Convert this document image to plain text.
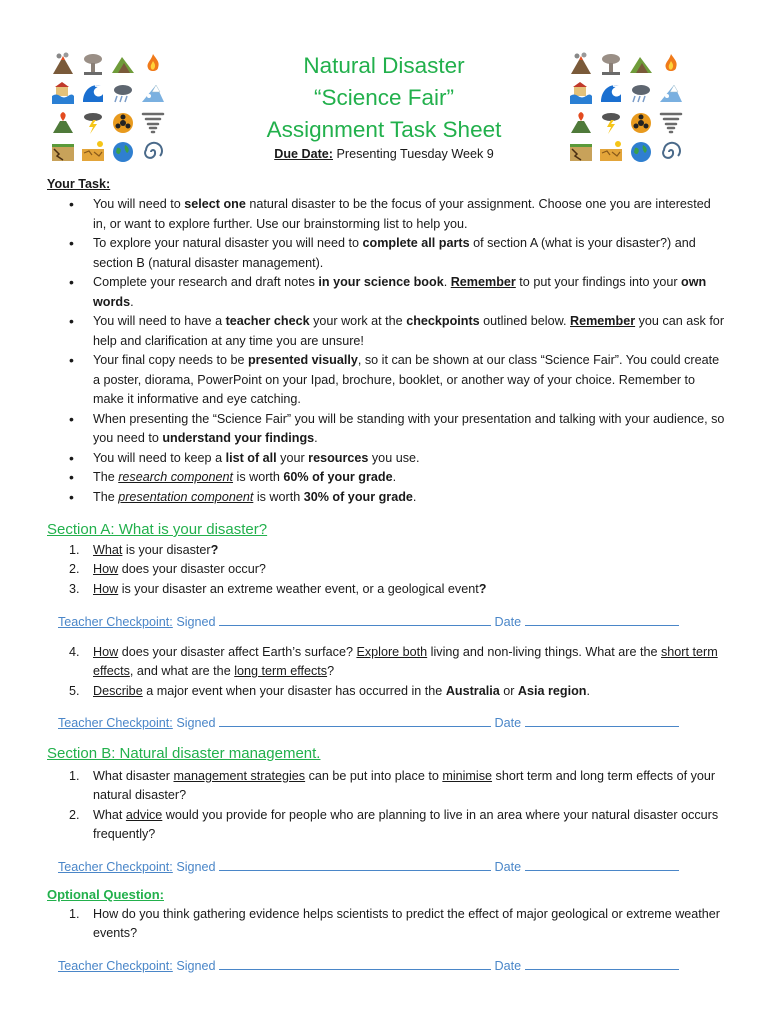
Natural Disaster
“Science Fair”
Assignment Task Sheet
Due Date: Presenting Tuesday Week 9
Your Task:
• You will need to select one natural disaster to be the focus of your assignment. Choose one you are interested in, or want to explore further. Use our brainstorming list to help you.
• To explore your natural disaster you will need to complete all parts of section A (what is your disaster?) and section B (natural disaster management).
• Complete your research and draft notes in your science book. Remember to put your findings into your own words.
• You will need to have a teacher check your work at the checkpoints outlined below. Remember you can ask for help and clarification at any time you are unsure!
• Your final copy needs to be presented visually, so it can be shown at our class “Science Fair”. You could create a poster, diorama, PowerPoint on your Ipad, brochure, booklet, or another way of your choice. Remember to make it informative and eye catching.
• When presenting the “Science Fair” you will be standing with your presentation and talking with your audience, so you need to understand your findings.
• You will need to keep a list of all your resources you use.
• The research component is worth 60% of your grade.
• The presentation component is worth 30% of your grade.
Section A: What is your disaster?
1. What is your disaster?
2. How does your disaster occur?
3. How is your disaster an extreme weather event, or a geological event?
Teacher Checkpoint: Signed	Date
4. How does your disaster affect Earth’s surface? Explore both living and non-living things. What are the short term effects, and what are the long term effects?
5. Describe a major event when your disaster has occurred in the Australia or Asia region.
Teacher Checkpoint: Signed	Date
Section B: Natural disaster management.
1. What disaster management strategies can be put into place to minimise short term and long term effects of your natural disaster?
2. What advice would you provide for people who are planning to live in an area where your natural disaster occurs frequently?
Teacher Checkpoint: Signed	Date
Optional Question:
1. How do you think gathering evidence helps scientists to predict the effect of major geological or extreme weather events?
Teacher Checkpoint: Signed	Date
